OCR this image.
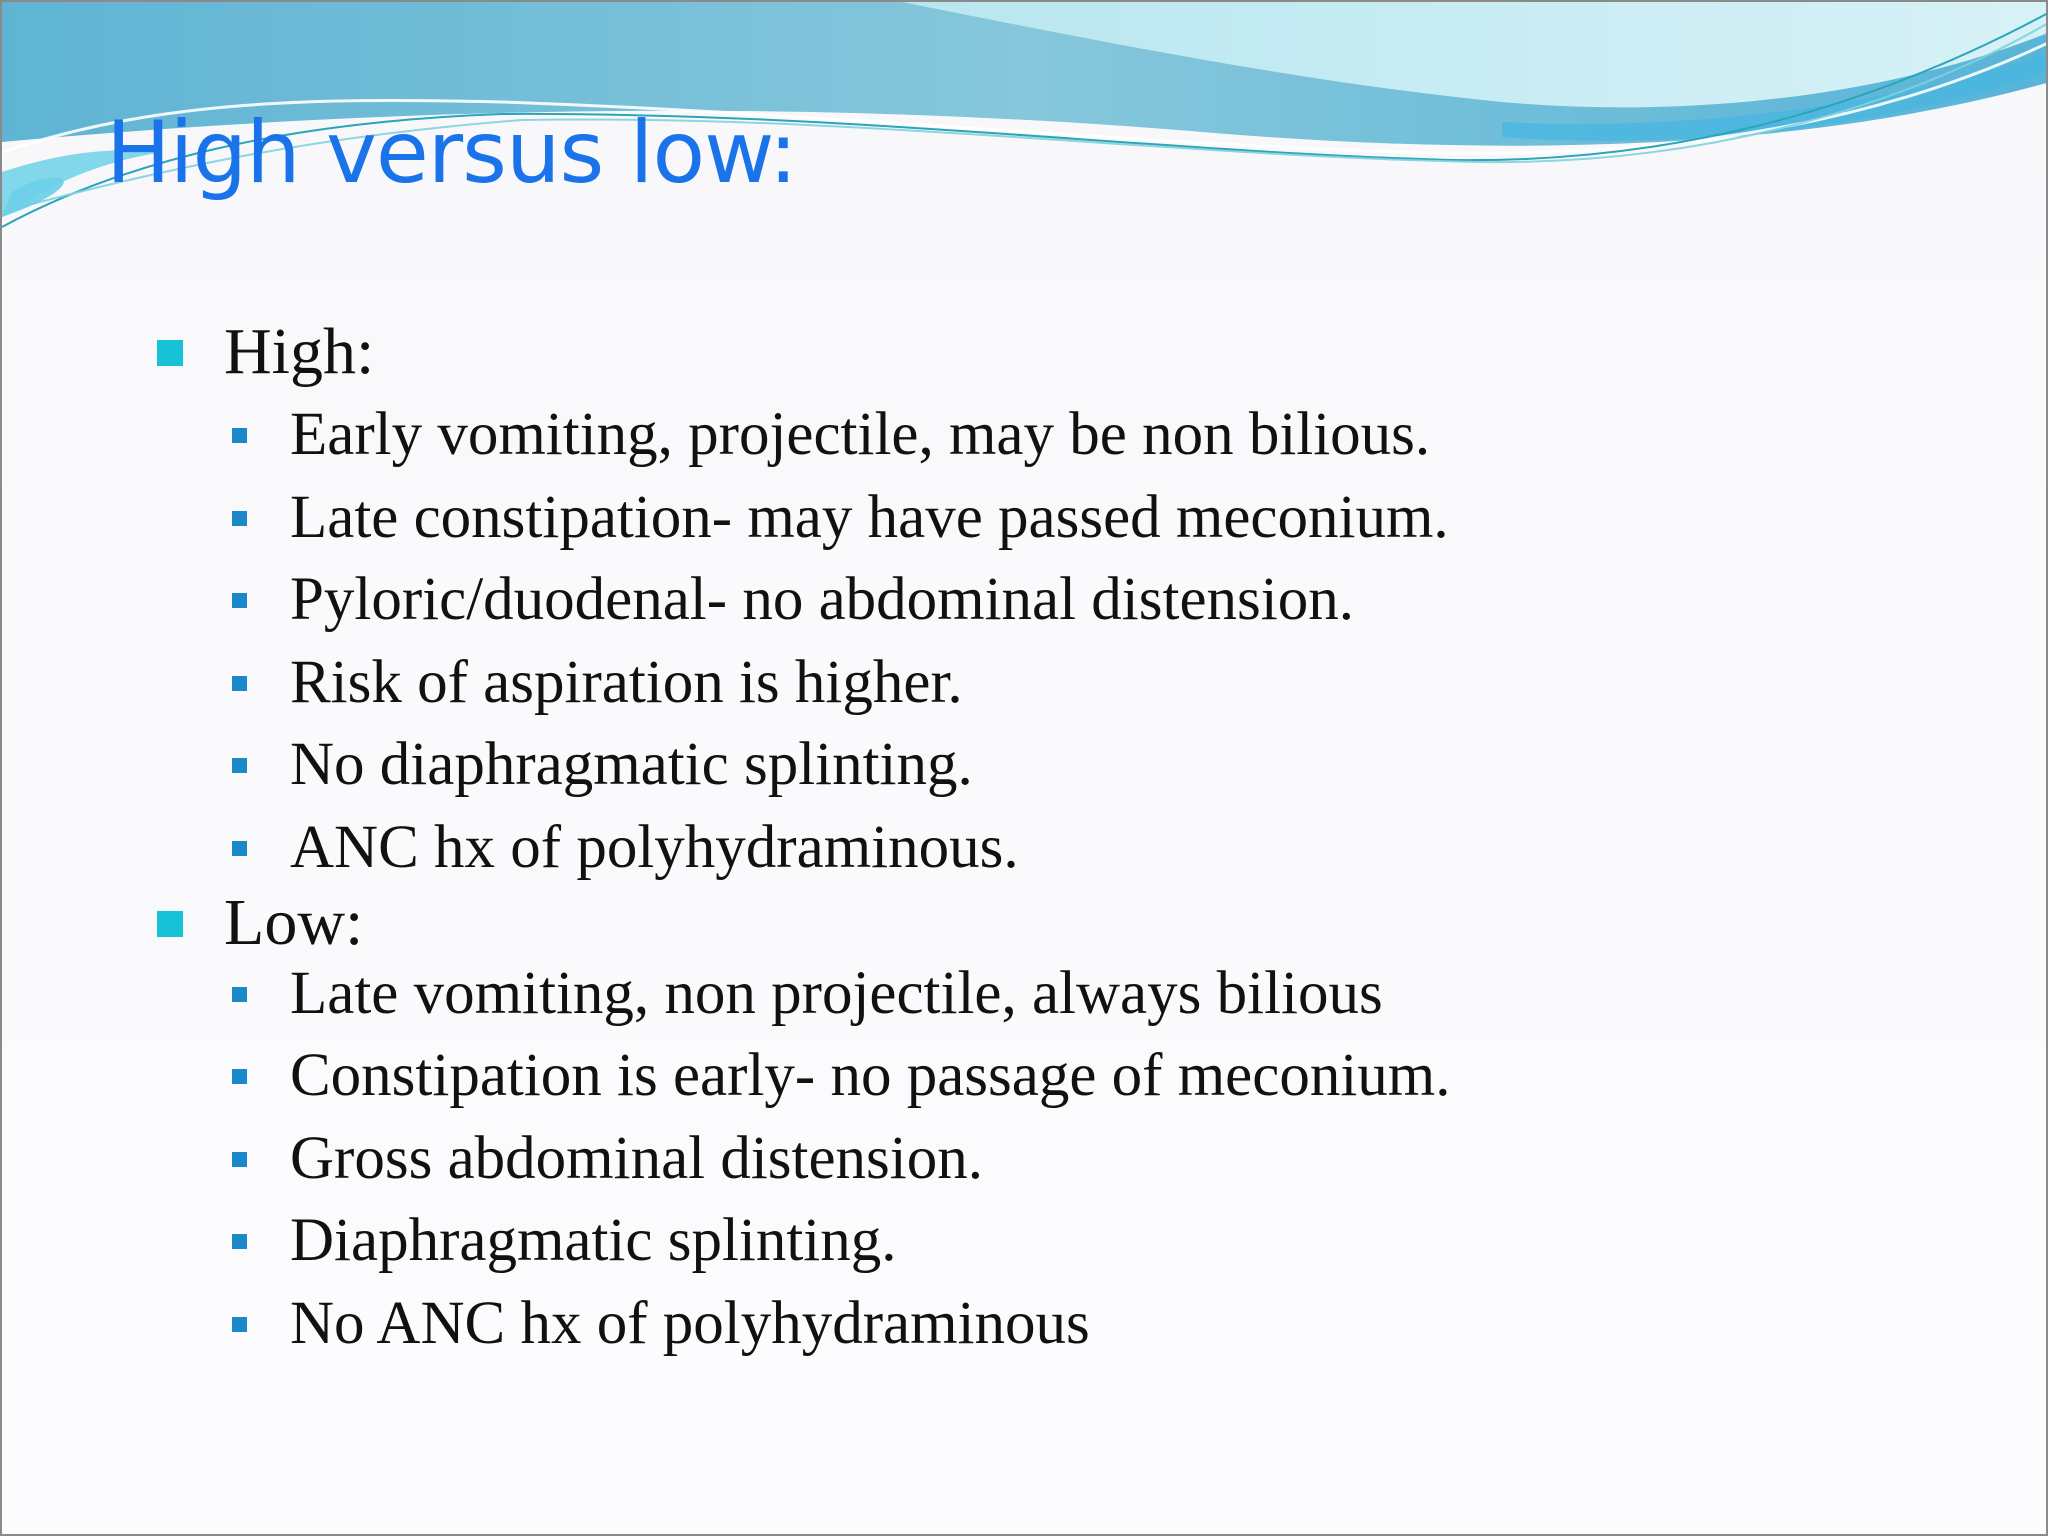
High versus low:
High:
Early vomiting, projectile, may be non bilious.
Late constipation- may have passed meconium.
Pyloric/duodenal- no abdominal distension.
Risk of aspiration is higher.
No diaphragmatic splinting.
ANC hx of polyhydraminous.
Low:
Late vomiting, non projectile, always bilious
Constipation is early- no passage of meconium.
Gross abdominal distension.
Diaphragmatic splinting.
No ANC hx of polyhydraminous
